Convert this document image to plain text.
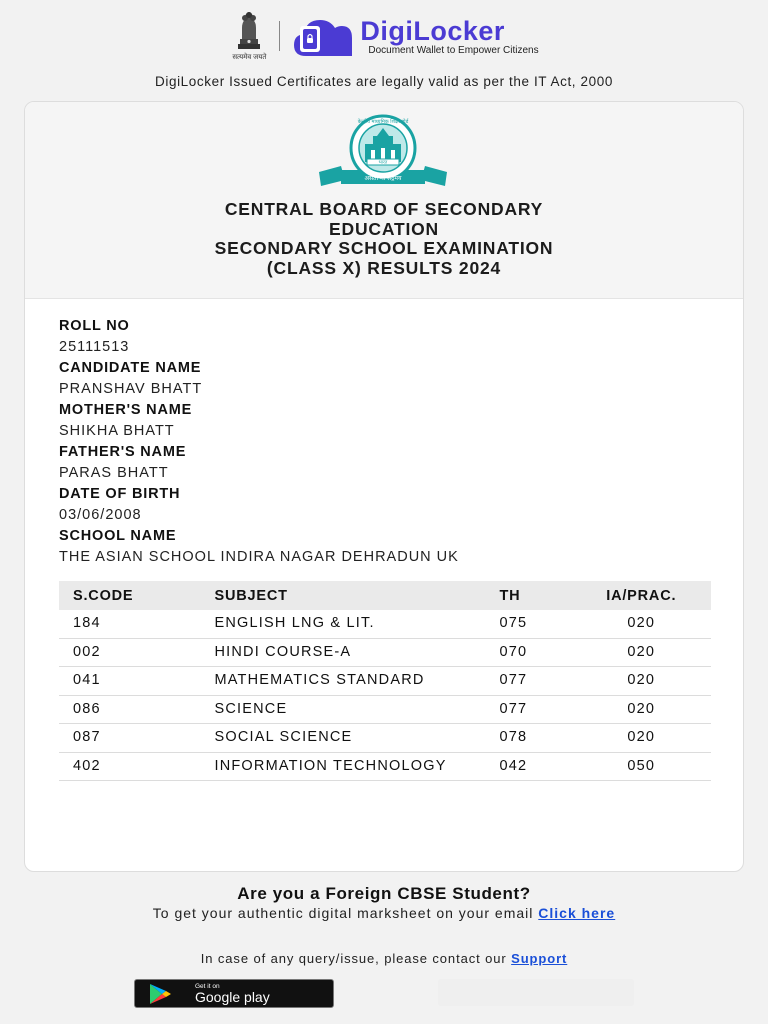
सत्यमेव जयते
DigiLocker
Document Wallet to Empower Citizens
DigiLocker Issued Certificates are legally valid as per the IT Act, 2000
भारत
असतो मा सद्गमय
केन्द्रीय माध्यमिक शिक्षा बोर्ड
CENTRAL BOARD OF SECONDARY
EDUCATION
SECONDARY SCHOOL EXAMINATION
(CLASS X) RESULTS 2024
ROLL NO
25111513
CANDIDATE NAME
PRANSHAV BHATT
MOTHER'S NAME
SHIKHA BHATT
FATHER'S NAME
PARAS BHATT
DATE OF BIRTH
03/06/2008
SCHOOL NAME
THE ASIAN SCHOOL INDIRA NAGAR DEHRADUN UK
S.CODE	SUBJECT	TH	IA/PRAC.
184	ENGLISH LNG & LIT.	075	020
002	HINDI COURSE-A	070	020
041	MATHEMATICS STANDARD	077	020
086	SCIENCE	077	020
087	SOCIAL SCIENCE	078	020
402	INFORMATION TECHNOLOGY	042	050
Are you a Foreign CBSE Student?
To get your authentic digital marksheet on your email Click here
In case of any query/issue, please contact our Support
Get it on
Google play
